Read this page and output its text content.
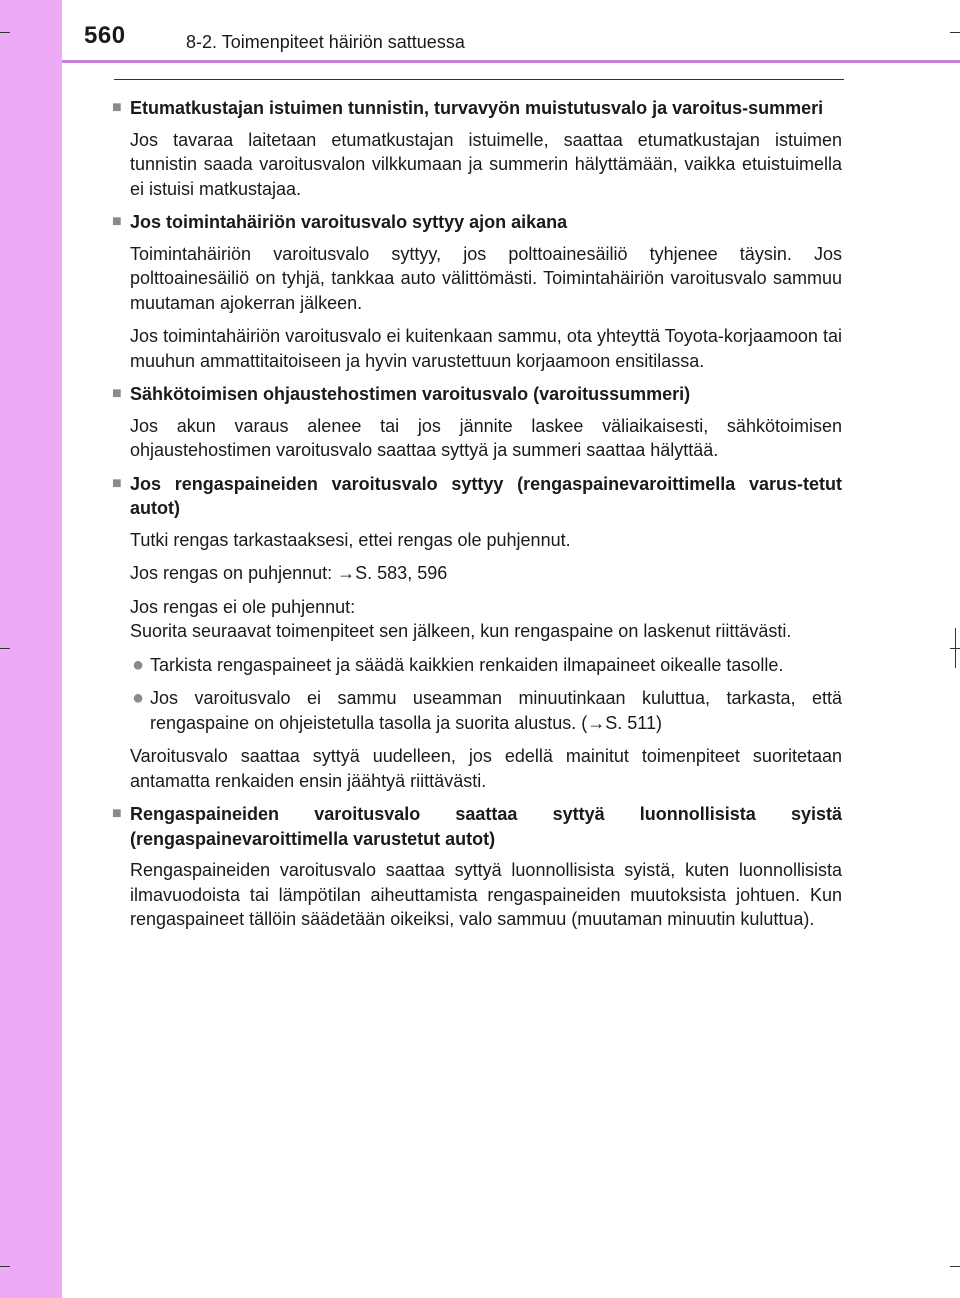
560	8-2. Toimenpiteet häiriön sattuessa
■ Etumatkustajan istuimen tunnistin, turvavyön muistutusvalo ja varoitus-summeri
Jos tavaraa laitetaan etumatkustajan istuimelle, saattaa etumatkustajan istuimen tunnistin saada varoitusvalon vilkkumaan ja summerin hälyttämään, vaikka etuistuimella ei istuisi matkustajaa.
■ Jos toimintahäiriön varoitusvalo syttyy ajon aikana
Toimintahäiriön varoitusvalo syttyy, jos polttoainesäiliö tyhjenee täysin. Jos polttoainesäiliö on tyhjä, tankkaa auto välittömästi. Toimintahäiriön varoitusvalo sammuu muutaman ajokerran jälkeen.
Jos toimintahäiriön varoitusvalo ei kuitenkaan sammu, ota yhteyttä Toyota-korjaamoon tai muuhun ammattitaitoiseen ja hyvin varustettuun korjaamoon ensitilassa.
■ Sähkötoimisen ohjaustehostimen varoitusvalo (varoitussummeri)
Jos akun varaus alenee tai jos jännite laskee väliaikaisesti, sähkötoimisen ohjaustehostimen varoitusvalo saattaa syttyä ja summeri saattaa hälyttää.
■ Jos rengaspaineiden varoitusvalo syttyy (rengaspainevaroittimella varus-tetut autot)
Tutki rengas tarkastaaksesi, ettei rengas ole puhjennut.
Jos rengas on puhjennut: →S. 583, 596
Jos rengas ei ole puhjennut:
Suorita seuraavat toimenpiteet sen jälkeen, kun rengaspaine on laskenut riittävästi.
● Tarkista rengaspaineet ja säädä kaikkien renkaiden ilmapaineet oikealle tasolle.
● Jos varoitusvalo ei sammu useamman minuutinkaan kuluttua, tarkasta, että rengaspaine on ohjeistetulla tasolla ja suorita alustus. (→S. 511)
Varoitusvalo saattaa syttyä uudelleen, jos edellä mainitut toimenpiteet suoritetaan antamatta renkaiden ensin jäähtyä riittävästi.
■ Rengaspaineiden varoitusvalo saattaa syttyä luonnollisista syistä (rengaspainevaroittimella varustetut autot)
Rengaspaineiden varoitusvalo saattaa syttyä luonnollisista syistä, kuten luonnollisista ilmavuodoista tai lämpötilan aiheuttamista rengaspaineiden muutoksista johtuen. Kun rengaspaineet tällöin säädetään oikeiksi, valo sammuu (muutaman minuutin kuluttua).
